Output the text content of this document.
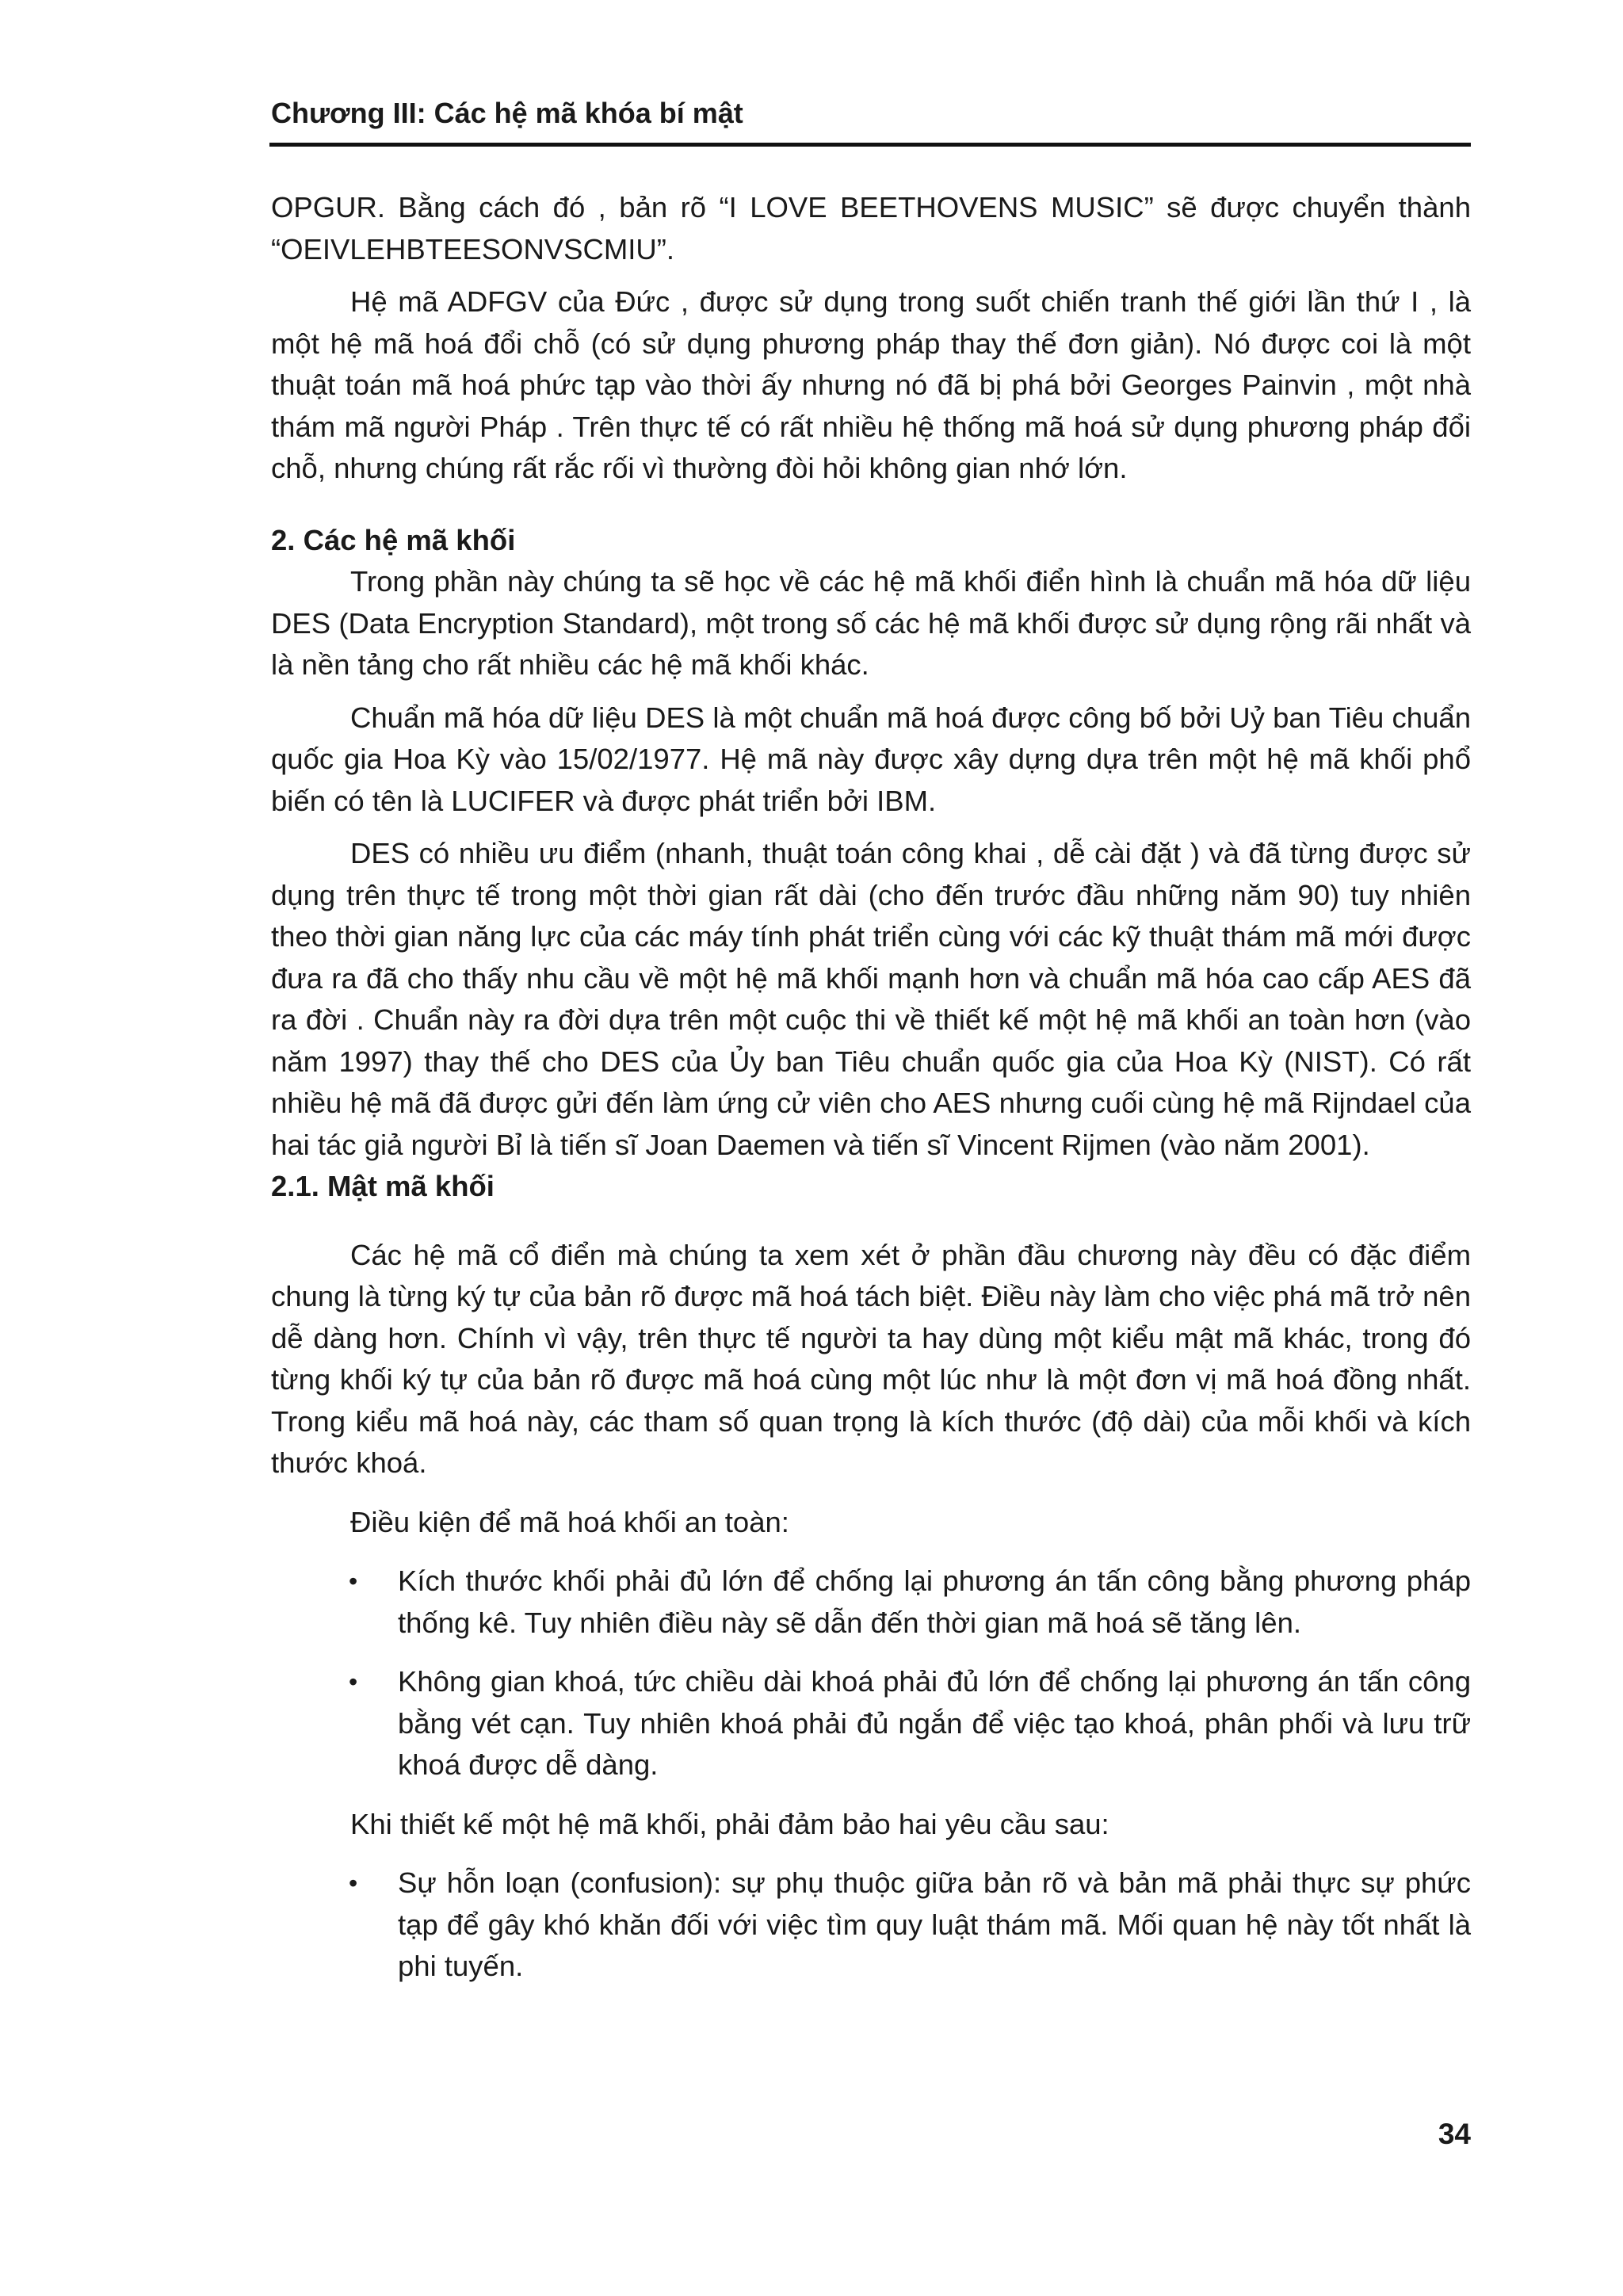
Chương III: Các hệ mã khóa bí mật

OPGUR. Bằng cách đó , bản rõ “I LOVE BEETHOVENS MUSIC” sẽ được chuyển thành “OEIVLEHBTEESONVSCMIU”.

Hệ mã ADFGV của Đức , được sử dụng trong suốt chiến tranh thế giới lần thứ I , là một hệ mã hoá đổi chỗ (có sử dụng phương pháp thay thế đơn giản). Nó được coi là một thuật toán mã hoá phức tạp vào thời ấy nhưng nó đã bị phá bởi Georges Painvin , một nhà thám mã người Pháp . Trên thực tế có rất nhiều hệ thống mã hoá sử dụng phương pháp đổi chỗ, nhưng chúng rất rắc rối vì thường đòi hỏi không gian nhớ lớn.

2. Các hệ mã khối

Trong phần này chúng ta sẽ học về các hệ mã khối điển hình là chuẩn mã hóa dữ liệu DES (Data Encryption Standard), một trong số các hệ mã khối được sử dụng rộng rãi nhất và là nền tảng cho rất nhiều các hệ mã khối khác.

Chuẩn mã hóa dữ liệu DES là một chuẩn mã hoá được công bố bởi Uỷ ban Tiêu chuẩn quốc gia Hoa Kỳ vào 15/02/1977. Hệ mã này được xây dựng dựa trên một hệ mã khối phổ biến có tên là LUCIFER và được phát triển bởi IBM.

DES có nhiều ưu điểm (nhanh, thuật toán công khai , dễ cài đặt ) và đã từng được sử dụng trên thực tế trong một thời gian rất dài (cho đến trước đầu những năm 90) tuy nhiên theo thời gian năng lực của các máy tính phát triển cùng với các kỹ thuật thám mã mới được đưa ra đã cho thấy nhu cầu về một hệ mã khối mạnh hơn và chuẩn mã hóa cao cấp AES đã ra đời . Chuẩn này ra đời dựa trên một cuộc thi về thiết kế một hệ mã khối an toàn hơn (vào năm 1997) thay thế cho DES của Ủy ban Tiêu chuẩn quốc gia của Hoa Kỳ (NIST). Có rất nhiều hệ mã đã được gửi đến làm ứng cử viên cho AES nhưng cuối cùng hệ mã Rijndael của hai tác giả người Bỉ là tiến sĩ Joan Daemen và tiến sĩ Vincent Rijmen (vào năm 2001).

2.1. Mật mã khối

Các hệ mã cổ điển mà chúng ta xem xét ở phần đầu chương này đều có đặc điểm chung là từng ký tự của bản rõ được mã hoá tách biệt. Điều này làm cho việc phá mã trở nên dễ dàng hơn. Chính vì vậy, trên thực tế người ta hay dùng một kiểu mật mã khác, trong đó từng khối ký tự của bản rõ được mã hoá cùng một lúc như là một đơn vị mã hoá đồng nhất. Trong kiểu mã hoá này, các tham số quan trọng là kích thước (độ dài) của mỗi khối và kích thước khoá.

Điều kiện để mã hoá khối an toàn:

• Kích thước khối phải đủ lớn để chống lại phương án tấn công bằng phương pháp thống kê. Tuy nhiên điều này sẽ dẫn đến thời gian mã hoá sẽ tăng lên.
• Không gian khoá, tức chiều dài khoá phải đủ lớn để chống lại phương án tấn công bằng vét cạn. Tuy nhiên khoá phải đủ ngắn để việc tạo khoá, phân phối và lưu trữ khoá được dễ dàng.

Khi thiết kế một hệ mã khối, phải đảm bảo hai yêu cầu sau:

• Sự hỗn loạn (confusion): sự phụ thuộc giữa bản rõ và bản mã phải thực sự phức tạp để gây khó khăn đối với việc tìm quy luật thám mã. Mối quan hệ này tốt nhất là phi tuyến.
34
